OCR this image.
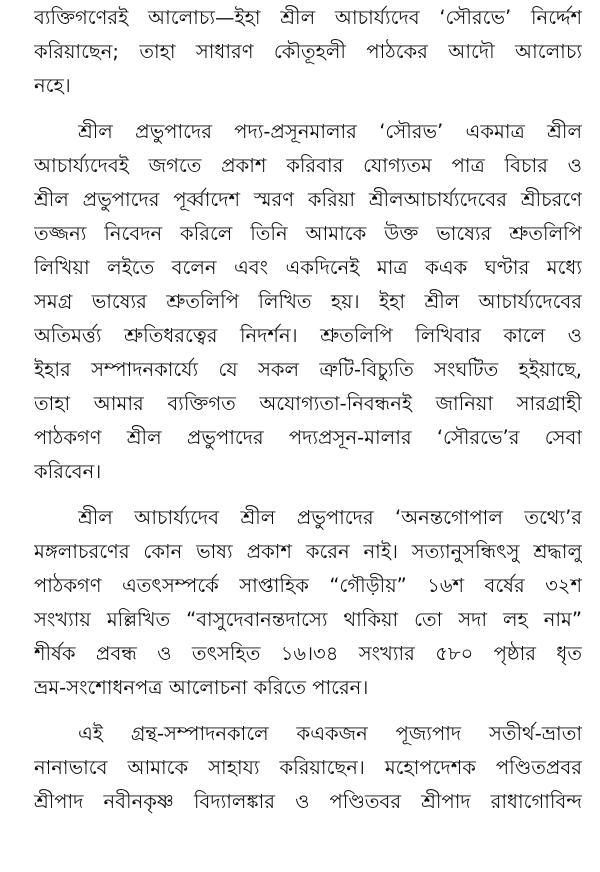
ব্যক্তিগণেরই আলোচ্য—ইহা শ্রীল আচার্য্যদেব ‘সৌরভে’ নির্দ্দেশ
করিয়াছেন; তাহা সাধারণ কৌতূহলী পাঠকের আদৌ আলোচ্য
নহে।
শ্রীল প্রভুপাদের পদ্য-প্রসূনমালার ‘সৌরভ’ একমাত্র শ্রীল
আচার্য্যদেবই জগতে প্রকাশ করিবার যোগ্যতম পাত্র বিচার ও
শ্রীল প্রভুপাদের পূর্ব্বাদেশ স্মরণ করিয়া শ্রীলআচার্য্যদেবের শ্রীচরণে
তজ্জন্য নিবেদন করিলে তিনি আমাকে উক্ত ভাষ্যের শ্রুতলিপি
লিখিয়া লইতে বলেন এবং একদিনেই মাত্র কএক ঘণ্টার মধ্যে
সমগ্র ভাষ্যের শ্রুতলিপি লিখিত হয়। ইহা শ্রীল আচার্য্যদেবের
অতিমর্ত্ত্য শ্রুতিধরত্বের নিদর্শন। শ্রুতলিপি লিখিবার কালে ও
ইহার সম্পাদনকার্য্যে যে সকল ত্রুটি-বিচ্যুতি সংঘটিত হইয়াছে,
তাহা আমার ব্যক্তিগত অযোগ্যতা-নিবন্ধনই জানিয়া সারগ্রাহী
পাঠকগণ শ্রীল প্রভুপাদের পদ্যপ্রসূন-মালার ‘সৌরভে’র সেবা
করিবেন।
শ্রীল আচার্য্যদেব শ্রীল প্রভুপাদের ‘অনন্তগোপাল তথ্যে’র
মঙ্গলাচরণের কোন ভাষ্য প্রকাশ করেন নাই। সত্যানুসন্ধিৎসু শ্রদ্ধালু
পাঠকগণ এতৎসম্পর্কে সাপ্তাহিক “গৌড়ীয়” ১৬শ বর্ষের ৩২শ
সংখ্যায় মল্লিখিত “বাসুদেবানন্তদাস্যে থাকিয়া তো সদা লহ নাম”
শীর্ষক প্রবন্ধ ও তৎসহিত ১৬।৩৪ সংখ্যার ৫৮০ পৃষ্ঠার ধৃত
ভ্রম-সংশোধনপত্র আলোচনা করিতে পারেন।
এই গ্রন্থ-সম্পাদনকালে কএকজন পূজ্যপাদ সতীর্থ-ভ্রাতা
নানাভাবে আমাকে সাহায্য করিয়াছেন। মহোপদেশক পণ্ডিতপ্রবর
শ্রীপাদ নবীনকৃষ্ণ বিদ্যালঙ্কার ও পণ্ডিতবর শ্রীপাদ রাধাগোবিন্দ
